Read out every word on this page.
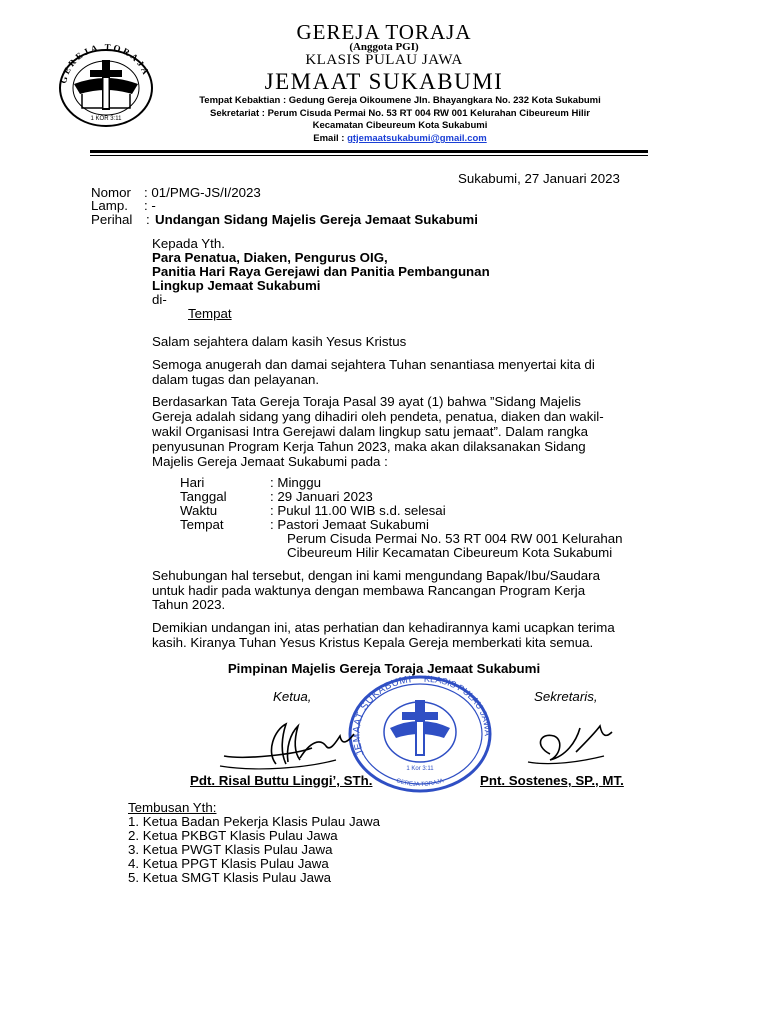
GEREJA TORAJA
1 KOR 3:11
GEREJA TORAJA
(Anggota PGI)
KLASIS PULAU JAWA
JEMAAT SUKABUMI
Tempat Kebaktian : Gedung Gereja Oikoumene Jln. Bhayangkara No. 232 Kota Sukabumi
Sekretariat : Perum Cisuda Permai No. 53 RT 004 RW 001 Kelurahan Cibeureum Hilir
Kecamatan Cibeureum Kota Sukabumi
Email : gtjemaatsukabumi@gmail.com
Sukabumi, 27 Januari 2023
Nomor : 01/PMG-JS/I/2023
Lamp. : -
Perihal : Undangan Sidang Majelis Gereja Jemaat Sukabumi
Kepada Yth.
Para Penatua, Diaken, Pengurus OIG,
Panitia Hari Raya Gerejawi dan Panitia Pembangunan
Lingkup Jemaat Sukabumi
di-
Tempat
Salam sejahtera dalam kasih Yesus Kristus
Semoga anugerah dan damai sejahtera Tuhan senantiasa menyertai kita di
dalam tugas dan pelayanan.
Berdasarkan Tata Gereja Toraja Pasal 39 ayat (1) bahwa ”Sidang Majelis
Gereja adalah sidang yang dihadiri oleh pendeta, penatua, diaken dan wakil-
wakil Organisasi Intra Gerejawi dalam lingkup satu jemaat”. Dalam rangka
penyusunan Program Kerja Tahun 2023, maka akan dilaksanakan Sidang
Majelis Gereja Jemaat Sukabumi pada :
Hari	: Minggu
Tanggal	: 29 Januari 2023
Waktu	: Pukul 11.00 WIB s.d. selesai
Tempat	: Pastori Jemaat Sukabumi
Perum Cisuda Permai No. 53 RT 004 RW 001 Kelurahan
Cibeureum Hilir Kecamatan Cibeureum Kota Sukabumi
Sehubungan hal tersebut, dengan ini kami mengundang Bapak/Ibu/Saudara
untuk hadir pada waktunya dengan membawa Rancangan Program Kerja
Tahun 2023.
Demikian undangan ini, atas perhatian dan kehadirannya kami ucapkan terima
kasih. Kiranya Tuhan Yesus Kristus Kepala Gereja memberkati kita semua.
Pimpinan Majelis Gereja Toraja Jemaat Sukabumi
Ketua,	Sekretaris,
JEMAAT SUKABUMI KLASIS PULAU JAWA
GEREJA TORAJA
1 Kor 3:11
Pdt. Risal Buttu Linggi’, STh.	Pnt. Sostenes, SP., MT.
Tembusan Yth:
1. Ketua Badan Pekerja Klasis Pulau Jawa
2. Ketua PKBGT Klasis Pulau Jawa
3. Ketua PWGT Klasis Pulau Jawa
4. Ketua PPGT Klasis Pulau Jawa
5. Ketua SMGT Klasis Pulau Jawa
